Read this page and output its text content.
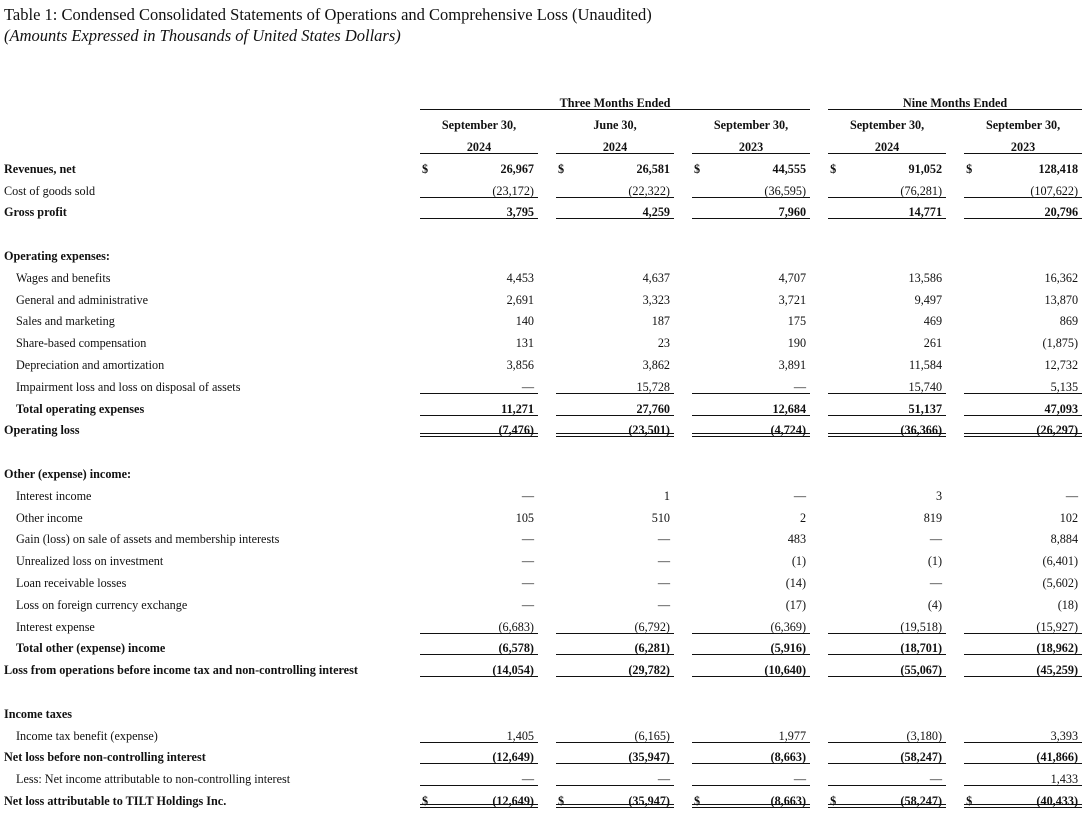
Table 1: Condensed Consolidated Statements of Operations and Comprehensive Loss (Unaudited)
(Amounts Expressed in Thousands of United States Dollars)
	Three Months Ended						Nine Months Ended		
	September 30,		June 30,		September 30,		September 30,		September 30,
	2024		2024		2023		2024		2023
Revenues, net	$ 26,967		$ 26,581		$ 44,555		$ 91,052		$ 128,418
Cost of goods sold	(23,172)		(22,322)		(36,595)		(76,281)		(107,622)
Gross profit	3,795		4,259		7,960		14,771		20,796

Operating expenses:									
Wages and benefits	4,453		4,637		4,707		13,586		16,362
General and administrative	2,691		3,323		3,721		9,497		13,870
Sales and marketing	140		187		175		469		869
Share-based compensation	131		23		190		261		(1,875)
Depreciation and amortization	3,856		3,862		3,891		11,584		12,732
Impairment loss and loss on disposal of assets	—		15,728		—		15,740		5,135
Total operating expenses	11,271		27,760		12,684		51,137		47,093
Operating loss	(7,476)		(23,501)		(4,724)		(36,366)		(26,297)

Other (expense) income:									
Interest income	—		1		—		3		—
Other income	105		510		2		819		102
Gain (loss) on sale of assets and membership interests	—		—		483		—		8,884
Unrealized loss on investment	—		—		(1)		(1)		(6,401)
Loan receivable losses	—		—		(14)		—		(5,602)
Loss on foreign currency exchange	—		—		(17)		(4)		(18)
Interest expense	(6,683)		(6,792)		(6,369)		(19,518)		(15,927)
Total other (expense) income	(6,578)		(6,281)		(5,916)		(18,701)		(18,962)
Loss from operations before income tax and non-controlling interest	(14,054)		(29,782)		(10,640)		(55,067)		(45,259)

Income taxes									
Income tax benefit (expense)	1,405		(6,165)		1,977		(3,180)		3,393
Net loss before non-controlling interest	(12,649)		(35,947)		(8,663)		(58,247)		(41,866)
Less: Net income attributable to non-controlling interest	—		—		—		—		1,433
Net loss attributable to TILT Holdings Inc.	$ (12,649)		$ (35,947)		$ (8,663)		$ (58,247)		$ (40,433)
